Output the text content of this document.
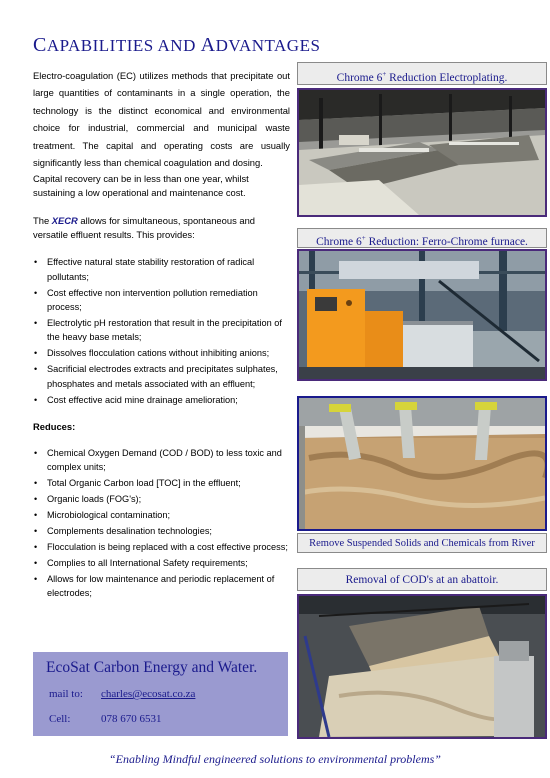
CAPABILITIES AND ADVANTAGES

Electro-coagulation (EC) utilizes methods that precipitate out large quantities of contaminants in a single operation, the technology is the distinct economical and environmental choice for industrial, commercial and municipal waste treatment. The capital and operating costs are usually significantly less than chemical coagulation and dosing.

Capital recovery can be in less than one year, whilst sustaining a low operational and maintenance cost.

The XECR allows for simultaneous, spontaneous and versatile effluent results. This provides:

• Effective natural state stability restoration of radical pollutants;
• Cost effective non intervention pollution remediation process;
• Electrolytic pH restoration that result in the precipitation of the heavy base metals;
• Dissolves flocculation cations without inhibiting anions;
• Sacrificial electrodes extracts and precipitates sulphates, phosphates and metals associated with an effluent;
• Cost effective acid mine drainage amelioration;
Reduces:
• Chemical Oxygen Demand (COD / BOD) to less toxic and complex units;
• Total Organic Carbon load [TOC] in the effluent;
• Organic loads (FOG's);
• Microbiological contamination;
• Complements desalination technologies;
• Flocculation is being replaced with a cost effective process;
• Complies to all International Safety requirements;
• Allows for low maintenance and periodic replacement of electrodes;
EcoSat Carbon Energy and Water.
mail to: charles@ecosat.co.za
Cell:	078 670 6531
Chrome 6+ Reduction Electroplating.
Chrome 6+ Reduction: Ferro-Chrome furnace.
Remove Suspended Solids and Chemicals from River
Removal of COD's at an abattoir.
“Enabling Mindful engineered solutions to environmental problems”
